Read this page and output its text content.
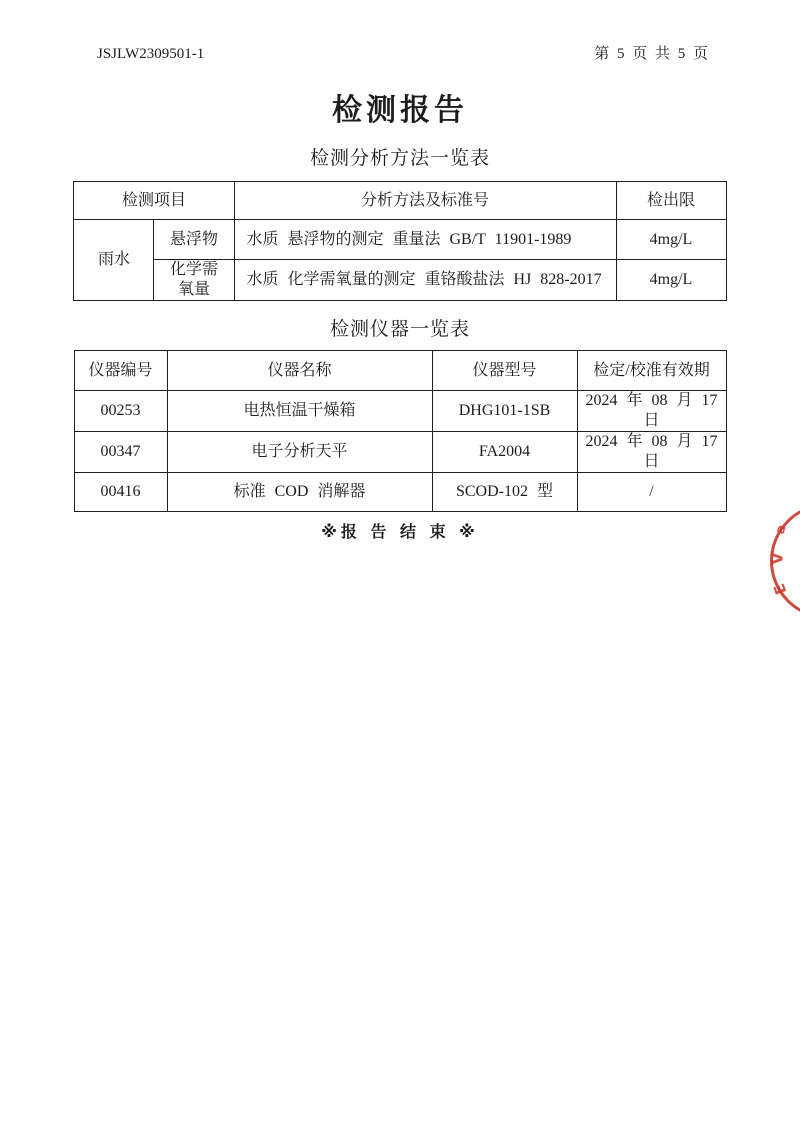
JSJLW2309501-1	第 5 页 共 5 页
检测报告
检测分析方法一览表
检测项目		分析方法及标准号	检出限
雨水	悬浮物	水质 悬浮物的测定 重量法 GB/T 11901-1989	4mg/L
	化学需氧量	水质 化学需氧量的测定 重铬酸盐法 HJ 828-2017	4mg/L
检测仪器一览表
仪器编号	仪器名称	仪器型号	检定/校准有效期
00253	电热恒温干燥箱	DHG101-1SB	2024 年 08 月 17 日
00347	电子分析天平	FA2004	2024 年 08 月 17 日
00416	标准 COD 消解器	SCOD-102 型	/
※报 告 结 束 ※	a
V
E
